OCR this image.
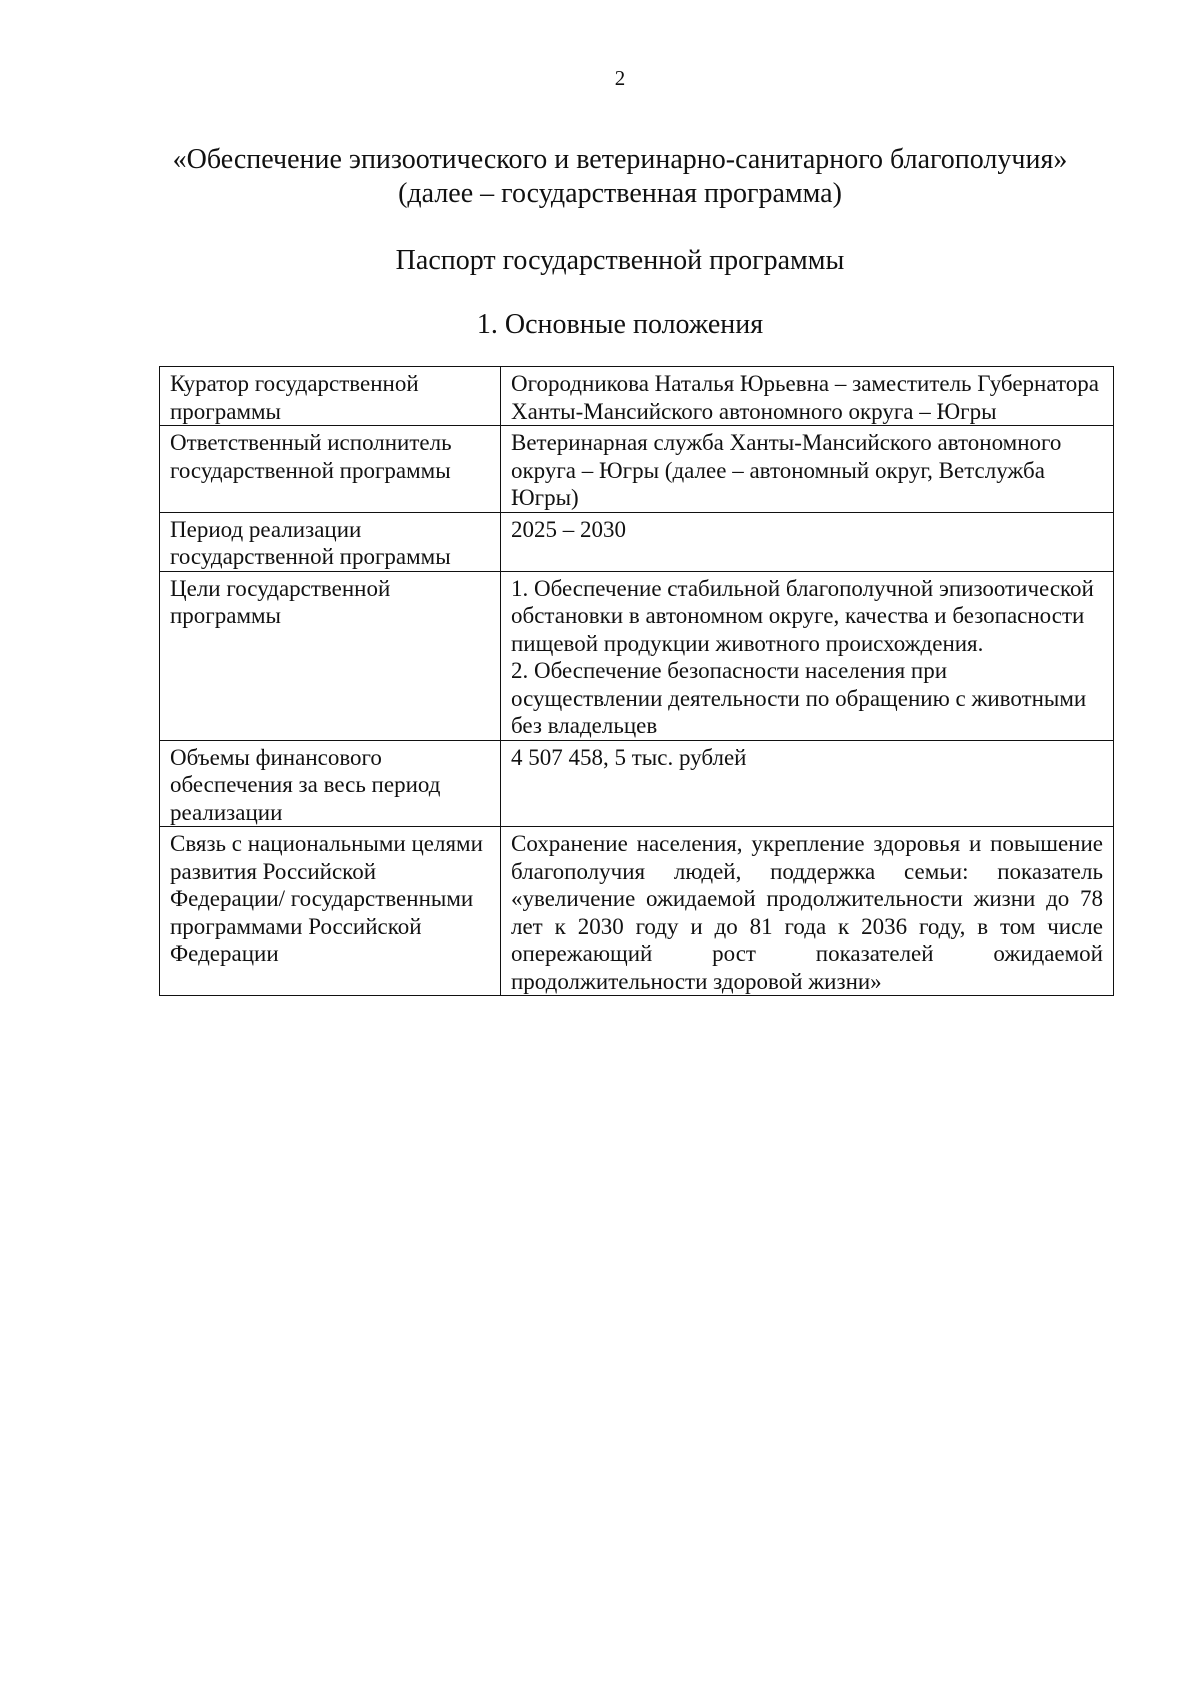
2
«Обеспечение эпизоотического и ветеринарно-санитарного благополучия»
(далее – государственная программа)
Паспорт государственной программы
1. Основные положения
Куратор государственной программы	Огородникова Наталья Юрьевна – заместитель Губернатора Ханты-Мансийского автономного округа – Югры
Ответственный исполнитель государственной программы	Ветеринарная служба Ханты-Мансийского автономного округа – Югры (далее – автономный округ, Ветслужба Югры)
Период реализации государственной программы	2025 – 2030
Цели государственной программы	1. Обеспечение стабильной благополучной эпизоотической обстановки в автономном округе, качества и безопасности пищевой продукции животного происхождения.
2. Обеспечение безопасности населения при осуществлении деятельности по обращению с животными без владельцев
Объемы финансового обеспечения за весь период реализации	4 507 458, 5 тыс. рублей
Связь с национальными целями развития Российской Федерации/ государственными программами Российской Федерации	Сохранение населения, укрепление здоровья и повышение благополучия людей, поддержка семьи: показатель «увеличение ожидаемой продолжительности жизни до 78 лет к 2030 году и до 81 года к 2036 году, в том числе опережающий рост показателей ожидаемой продолжительности здоровой жизни»
